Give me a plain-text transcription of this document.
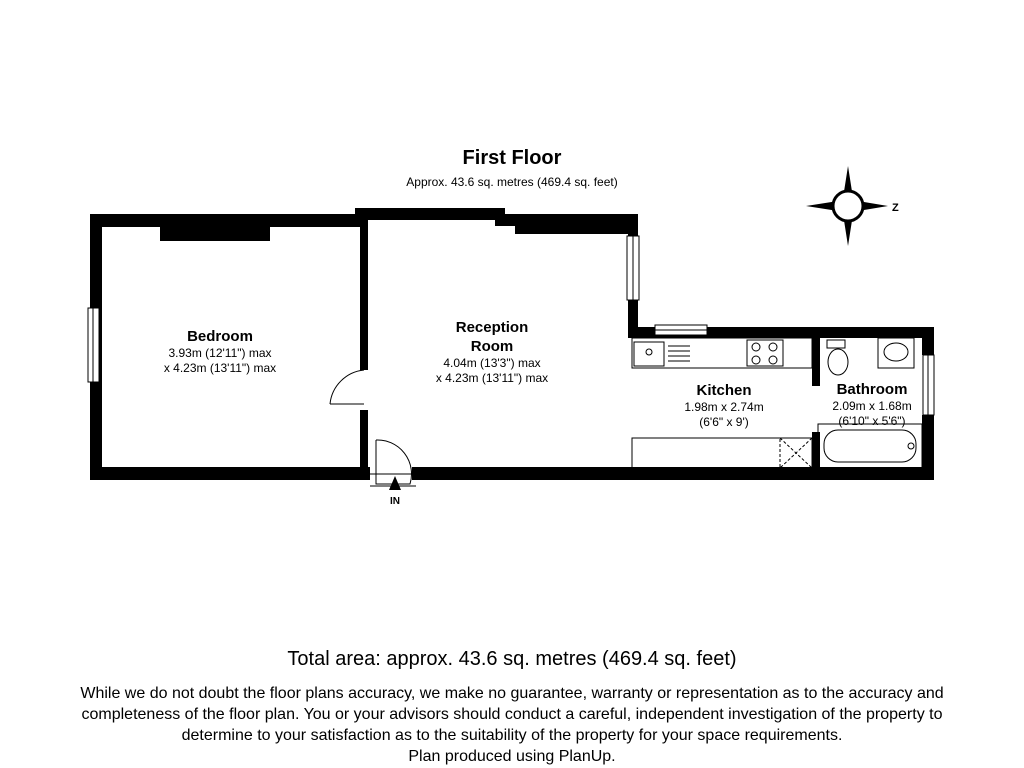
Z
IN
First Floor
Approx. 43.6 sq. metres (469.4 sq. feet)
Bedroom
3.93m (12'11") max
x 4.23m (13'11") max
Reception
Room
4.04m (13'3") max
x 4.23m (13'11") max
Kitchen
1.98m x 2.74m
(6'6" x 9')
Bathroom
2.09m x 1.68m
(6'10" x 5'6")
Total area: approx. 43.6 sq. metres (469.4 sq. feet)
While we do not doubt the floor plans accuracy, we make no guarantee, warranty or representation as to the accuracy and
completeness of the floor plan. You or your advisors should conduct a careful, independent investigation of the property to
determine to your satisfaction as to the suitability of the property for your space requirements.
Plan produced using PlanUp.
